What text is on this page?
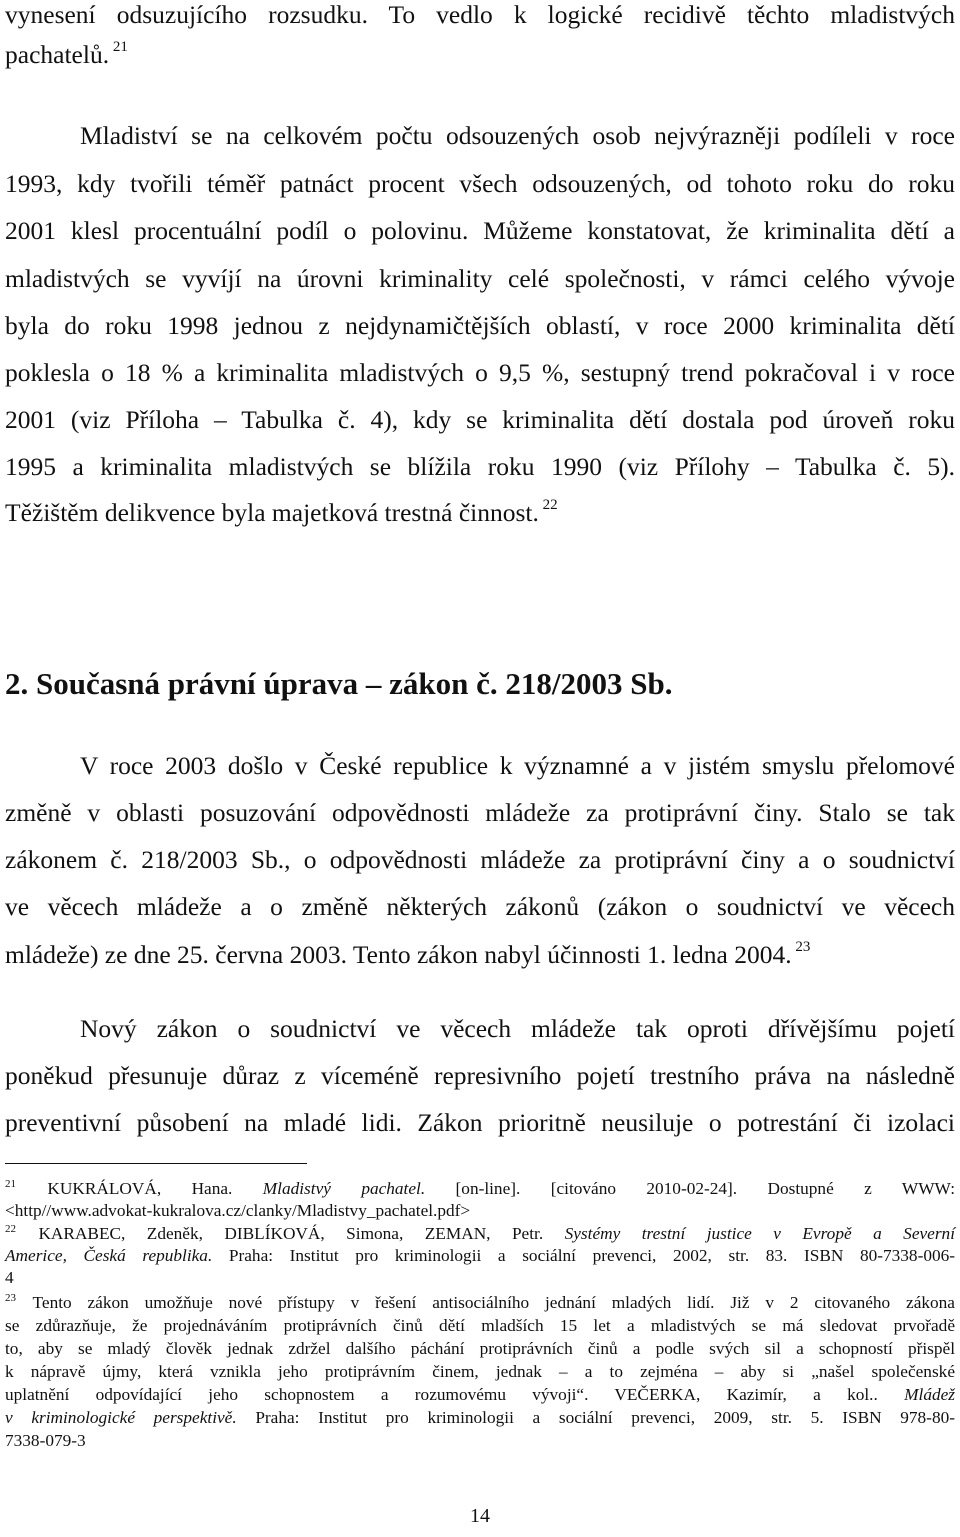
vynesení odsuzujícího rozsudku. To vedlo k logické recidivě těchto mladistvých
pachatelů. $^{21}$
Mladiství se na celkovém počtu odsouzených osob nejvýrazněji podíleli v roce
1993, kdy tvořili téměř patnáct procent všech odsouzených, od tohoto roku do roku
2001 klesl procentuální podíl o polovinu. Můžeme konstatovat, že kriminalita dětí a
mladistvých se vyvíjí na úrovni kriminality celé společnosti, v rámci celého vývoje
byla do roku 1998 jednou z nejdynamičtějších oblastí, v roce 2000 kriminalita dětí
poklesla o 18 % a kriminalita mladistvých o 9,5 %, sestupný trend pokračoval i v roce
2001 (viz Příloha – Tabulka č. 4), kdy se kriminalita dětí dostala pod úroveň roku
1995 a kriminalita mladistvých se blížila roku 1990 (viz Přílohy – Tabulka č. 5).
Těžištěm delikvence byla majetková trestná činnost. $^{22}$
2. Současná právní úprava – zákon č. 218/2003 Sb.
V roce 2003 došlo v České republice k významné a v jistém smyslu přelomové
změně v oblasti posuzování odpovědnosti mládeže za protiprávní činy. Stalo se tak
zákonem č. 218/2003 Sb., o odpovědnosti mládeže za protiprávní činy a o soudnictví
ve věcech mládeže a o změně některých zákonů (zákon o soudnictví ve věcech
mládeže) ze dne 25. června 2003. Tento zákon nabyl účinnosti 1. ledna 2004. $^{23}$
Nový zákon o soudnictví ve věcech mládeže tak oproti dřívějšímu pojetí
poněkud přesunuje důraz z víceméně represivního pojetí trestního práva na následně
preventivní působení na mladé lidi. Zákon prioritně neusiluje o potrestání či izolaci
$^{21}$ KUKRÁLOVÁ, Hana. Mladistvý pachatel. [on-line]. [citováno 2010-02-24]. Dostupné z WWW:
<http//www.advokat-kukralova.cz/clanky/Mladistvy_pachatel.pdf>
$^{22}$ KARABEC, Zdeněk, DIBLÍKOVÁ, Simona, ZEMAN, Petr. Systémy trestní justice v Evropě a Severní
Americe, Česká republika. Praha: Institut pro kriminologii a sociální prevenci, 2002, str. 83. ISBN 80-7338-006-
4
$^{23}$ Tento zákon umožňuje nové přístupy v řešení antisociálního jednání mladých lidí. Již v 2 citovaného zákona
se zdůrazňuje, že projednáváním protiprávních činů dětí mladších 15 let a mladistvých se má sledovat prvořadě
to, aby se mladý člověk jednak zdržel dalšího páchání protiprávních činů a podle svých sil a schopností přispěl
k nápravě újmy, která vznikla jeho protiprávním činem, jednak – a to zejména – aby si „našel společenské
uplatnění odpovídající jeho schopnostem a rozumovému vývoji“. VEČERKA, Kazimír, a kol.. Mládež
v kriminologické perspektivě. Praha: Institut pro kriminologii a sociální prevenci, 2009, str. 5. ISBN 978-80-
7338-079-3
14
